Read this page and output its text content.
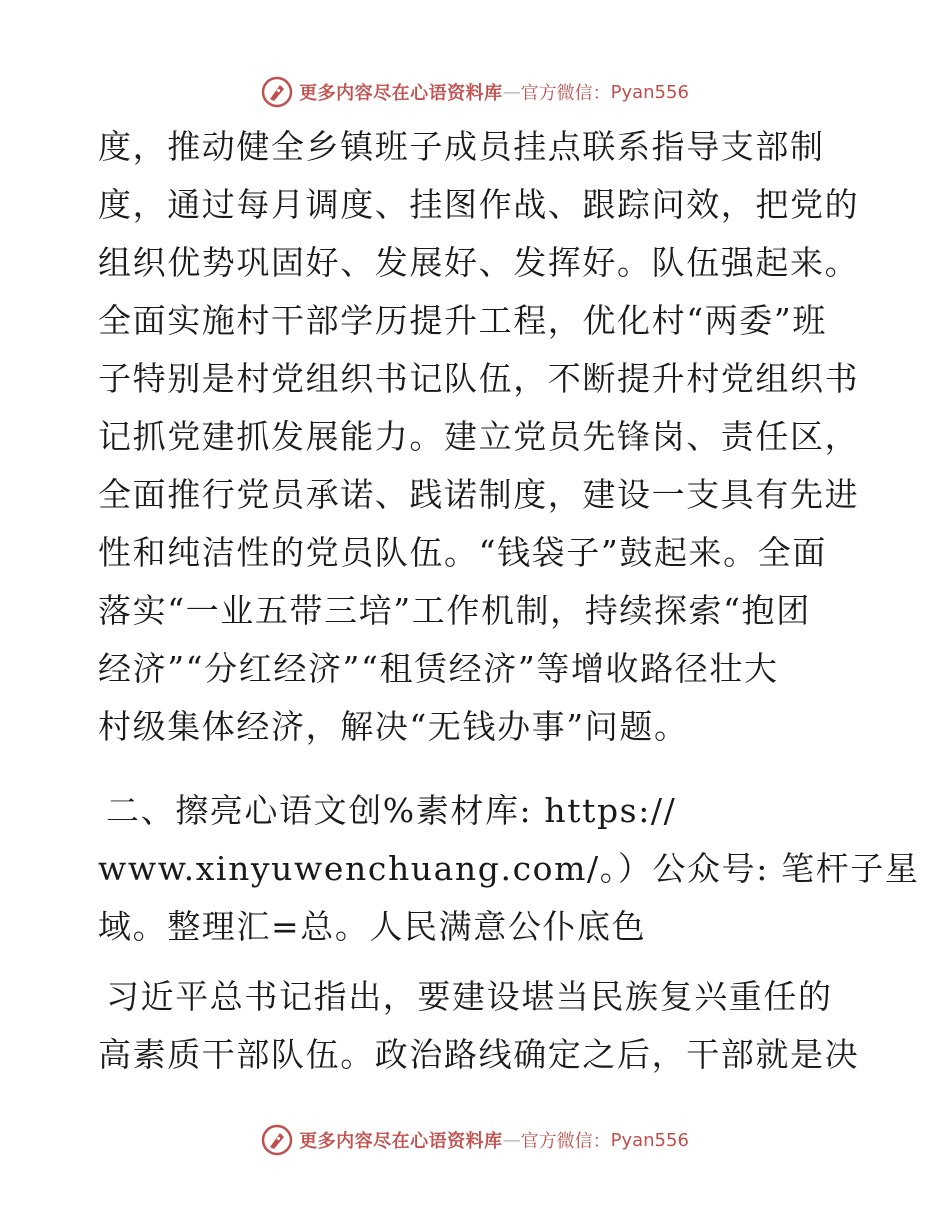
更多内容尽在心语资料库 — 官方微信： Pyan556
度，推动健全乡镇班子成员挂点联系指导支部制
度，通过每月调度、挂图作战、跟踪问效，把党的
组织优势巩固好、发展好、发挥好。队伍强起来。
全面实施村干部学历提升工程，优化村“两委”班
子特别是村党组织书记队伍，不断提升村党组织书
记抓党建抓发展能力。建立党员先锋岗、责任区，
全面推行党员承诺、践诺制度，建设一支具有先进
性和纯洁性的党员队伍。“钱袋子”鼓起来。全面
落实“一业五带三培”工作机制，持续探索“抱团
经济”“分红经济”“租赁经济”等增收路径壮大
村级集体经济，解决“无钱办事”问题。
二、擦亮心语文创%素材库: https://
www.xinyuwenchuang.com/。）公众号: 笔杆子星
域。整理汇=总。人民满意公仆底色
习近平总书记指出，要建设堪当民族复兴重任的
高素质干部队伍。政治路线确定之后，干部就是决
更多内容尽在心语资料库 — 官方微信： Pyan556
